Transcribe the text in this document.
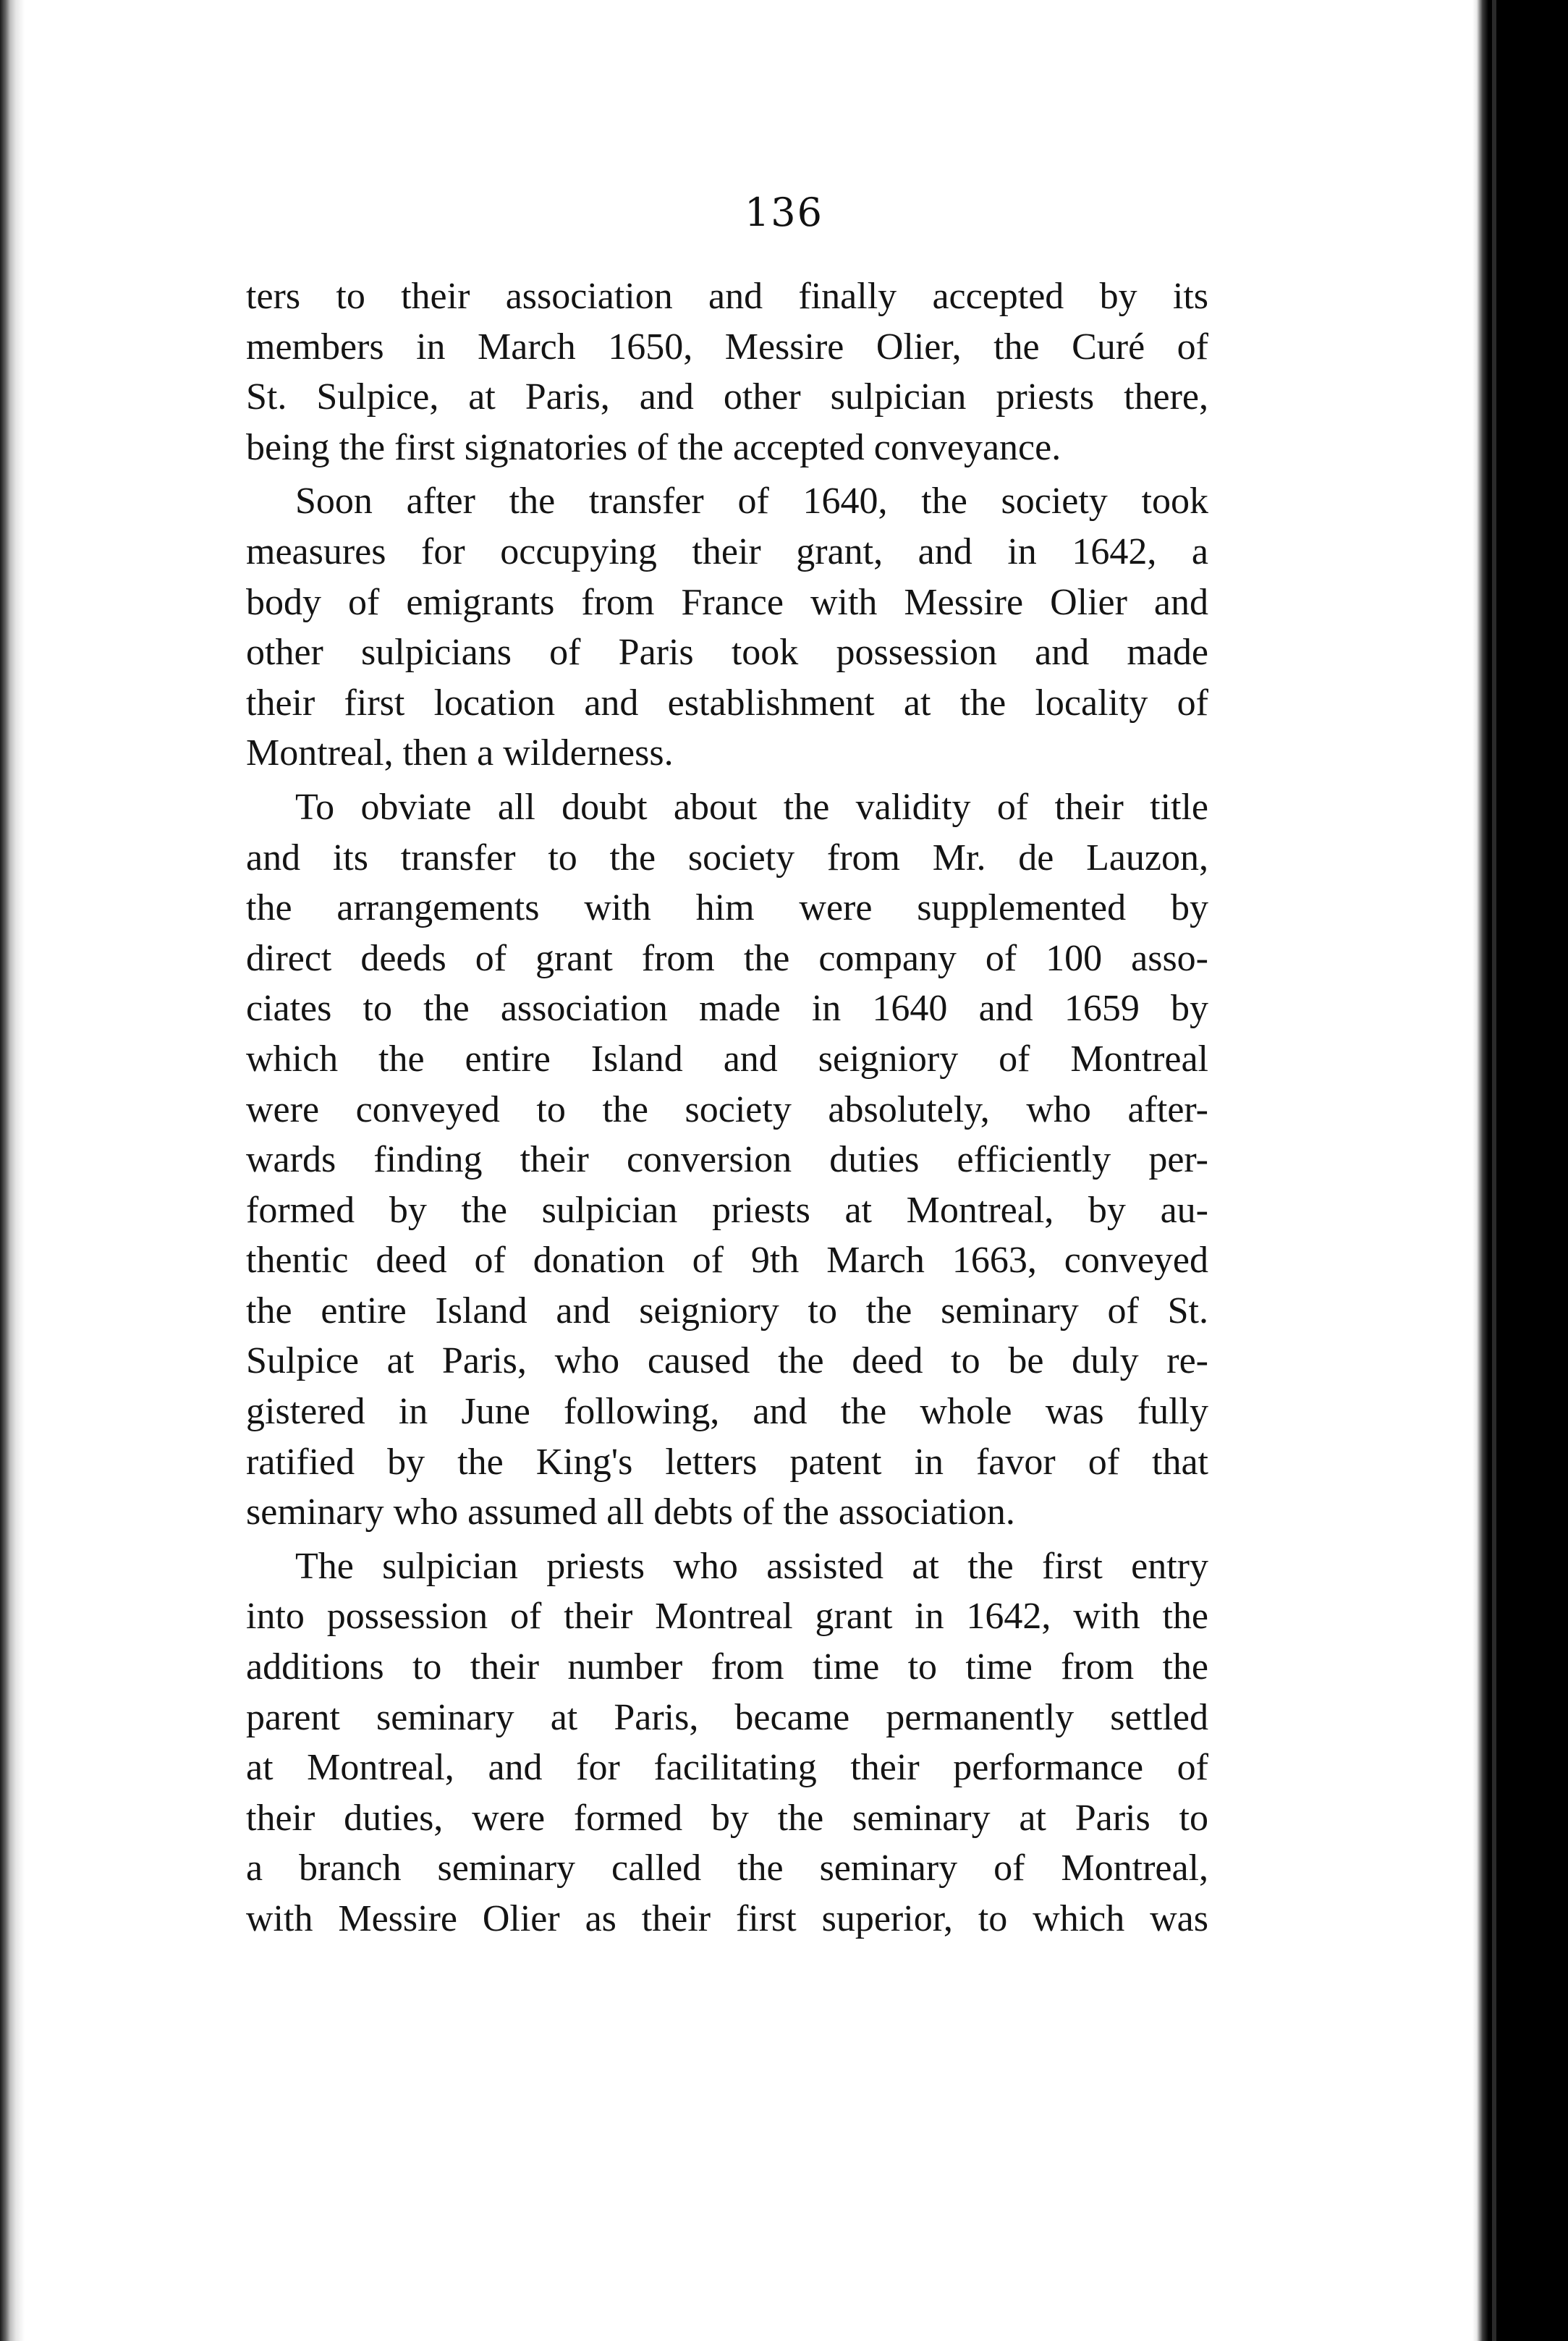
136
ters to their association and finally accepted by its
members in March 1650, Messire Olier, the Curé of
St. Sulpice, at Paris, and other sulpician priests there,
being the first signatories of the accepted conveyance.
Soon after the transfer of 1640, the society took
measures for occupying their grant, and in 1642, a
body of emigrants from France with Messire Olier and
other sulpicians of Paris took possession and made
their first location and establishment at the locality of
Montreal, then a wilderness.
To obviate all doubt about the validity of their title
and its transfer to the society from Mr. de Lauzon,
the arrangements with him were supplemented by
direct deeds of grant from the company of 100 asso-
ciates to the association made in 1640 and 1659 by
which the entire Island and seigniory of Montreal
were conveyed to the society absolutely, who after-
wards finding their conversion duties efficiently per-
formed by the sulpician priests at Montreal, by au-
thentic deed of donation of 9th March 1663, conveyed
the entire Island and seigniory to the seminary of St.
Sulpice at Paris, who caused the deed to be duly re-
gistered in June following, and the whole was fully
ratified by the King's letters patent in favor of that
seminary who assumed all debts of the association.
The sulpician priests who assisted at the first entry
into possession of their Montreal grant in 1642, with the
additions to their number from time to time from the
parent seminary at Paris, became permanently settled
at Montreal, and for facilitating their performance of
their duties, were formed by the seminary at Paris to
a branch seminary called the seminary of Montreal,
with Messire Olier as their first superior, to which was
